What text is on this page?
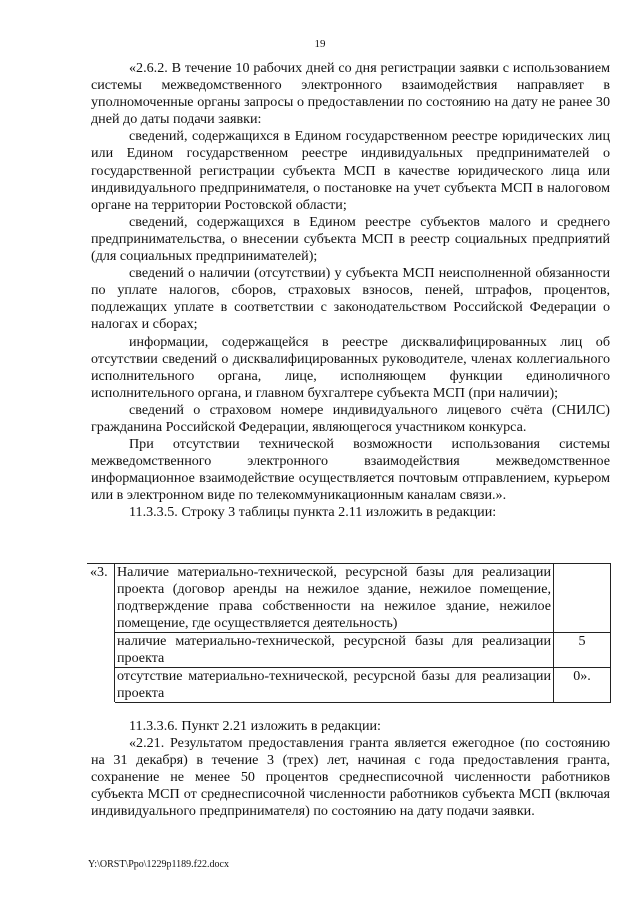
19

«2.6.2. В течение 10 рабочих дней со дня регистрации заявки с использованием системы межведомственного электронного взаимодействия направляет в уполномоченные органы запросы о предоставлении по состоянию на дату не ранее 30 дней до даты подачи заявки:

сведений, содержащихся в Едином государственном реестре юридических лиц или Едином государственном реестре индивидуальных предпринимателей о государственной регистрации субъекта МСП в качестве юридического лица или индивидуального предпринимателя, о постановке на учет субъекта МСП в налоговом органе на территории Ростовской области;

сведений, содержащихся в Едином реестре субъектов малого и среднего предпринимательства, о внесении субъекта МСП в реестр социальных предприятий (для социальных предпринимателей);

сведений о наличии (отсутствии) у субъекта МСП неисполненной обязанности по уплате налогов, сборов, страховых взносов, пеней, штрафов, процентов, подлежащих уплате в соответствии с законодательством Российской Федерации о налогах и сборах;

информации, содержащейся в реестре дисквалифицированных лиц об отсутствии сведений о дисквалифицированных руководителе, членах коллегиального исполнительного органа, лице, исполняющем функции единоличного исполнительного органа, и главном бухгалтере субъекта МСП (при наличии);

сведений о страховом номере индивидуального лицевого счёта (СНИЛС) гражданина Российской Федерации, являющегося участником конкурса.

При отсутствии технической возможности использования системы межведомственного электронного взаимодействия межведомственное информационное взаимодействие осуществляется почтовым отправлением, курьером или в электронном виде по телекоммуникационным каналам связи.».

11.3.3.5. Строку 3 таблицы пункта 2.11 изложить в редакции:

«3.	Наличие материально-технической, ресурсной базы для реализации проекта (договор аренды на нежилое здание, нежилое помещение, подтверждение права собственности на нежилое здание, нежилое помещение, где осуществляется деятельность)	
	наличие материально-технической, ресурсной базы для реализации проекта	5
	отсутствие материально-технической, ресурсной базы для реализации проекта	0».

11.3.3.6. Пункт 2.21 изложить в редакции:

«2.21. Результатом предоставления гранта является ежегодное (по состоянию на 31 декабря) в течение 3 (трех) лет, начиная с года предоставления гранта, сохранение не менее 50 процентов среднесписочной численности работников субъекта МСП от среднесписочной численности работников субъекта МСП (включая индивидуального предпринимателя) по состоянию на дату подачи заявки.

Y:\ORST\Ppo\1229p1189.f22.docx
